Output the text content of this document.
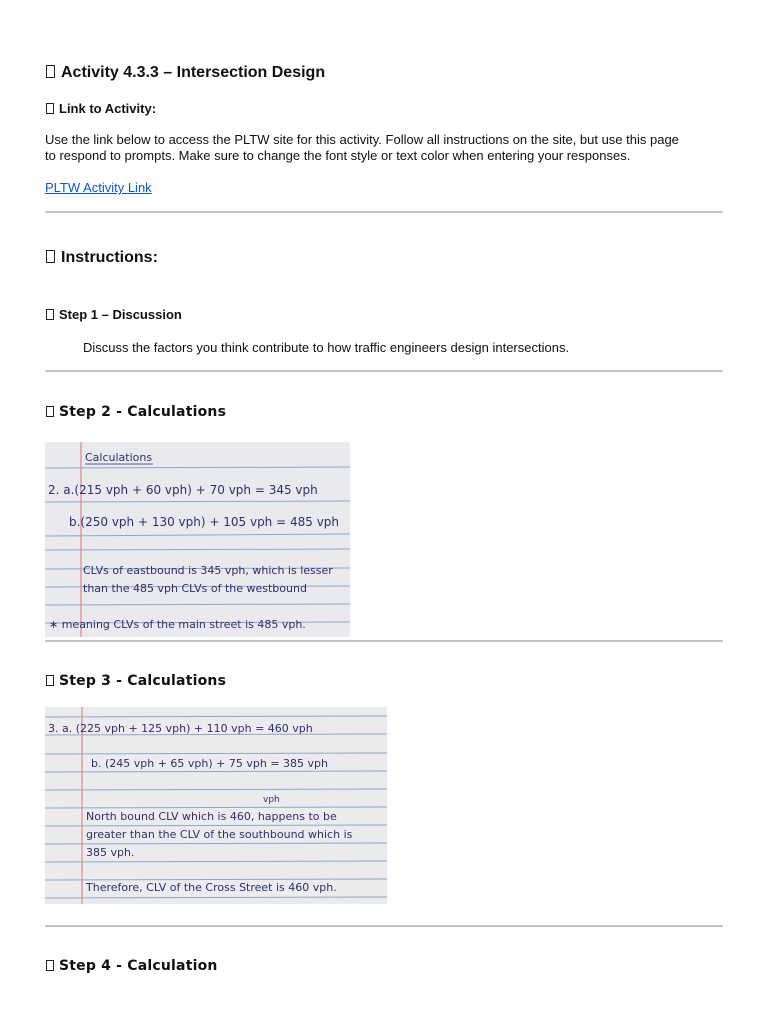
Activity 4.3.3 – Intersection Design
Link to Activity:

Use the link below to access the PLTW site for this activity. Follow all instructions on the site, but use this page
to respond to prompts. Make sure to change the font style or text color when entering your responses.

PLTW Activity Link
Instructions:
Step 1 – Discussion

Discuss the factors you think contribute to how traffic engineers design intersections.

Step 2 - Calculations
Calculations
2. a.(215 vph + 60 vph) + 70 vph = 345 vph
b.(250 vph + 130 vph) + 105 vph = 485 vph
CLVs of eastbound is 345 vph, which is lesser
than the 485 vph CLVs of the westbound
∗ meaning CLVs of the main street is 485 vph.
Step 3 - Calculations
3. a. (225 vph + 125 vph) + 110 vph = 460 vph
b. (245 vph + 65 vph) + 75 vph = 385 vph
vph
North bound CLV which is 460, happens to be
greater than the CLV of the southbound which is
385 vph.
Therefore, CLV of the Cross Street is 460 vph.
Step 4 - Calculation
